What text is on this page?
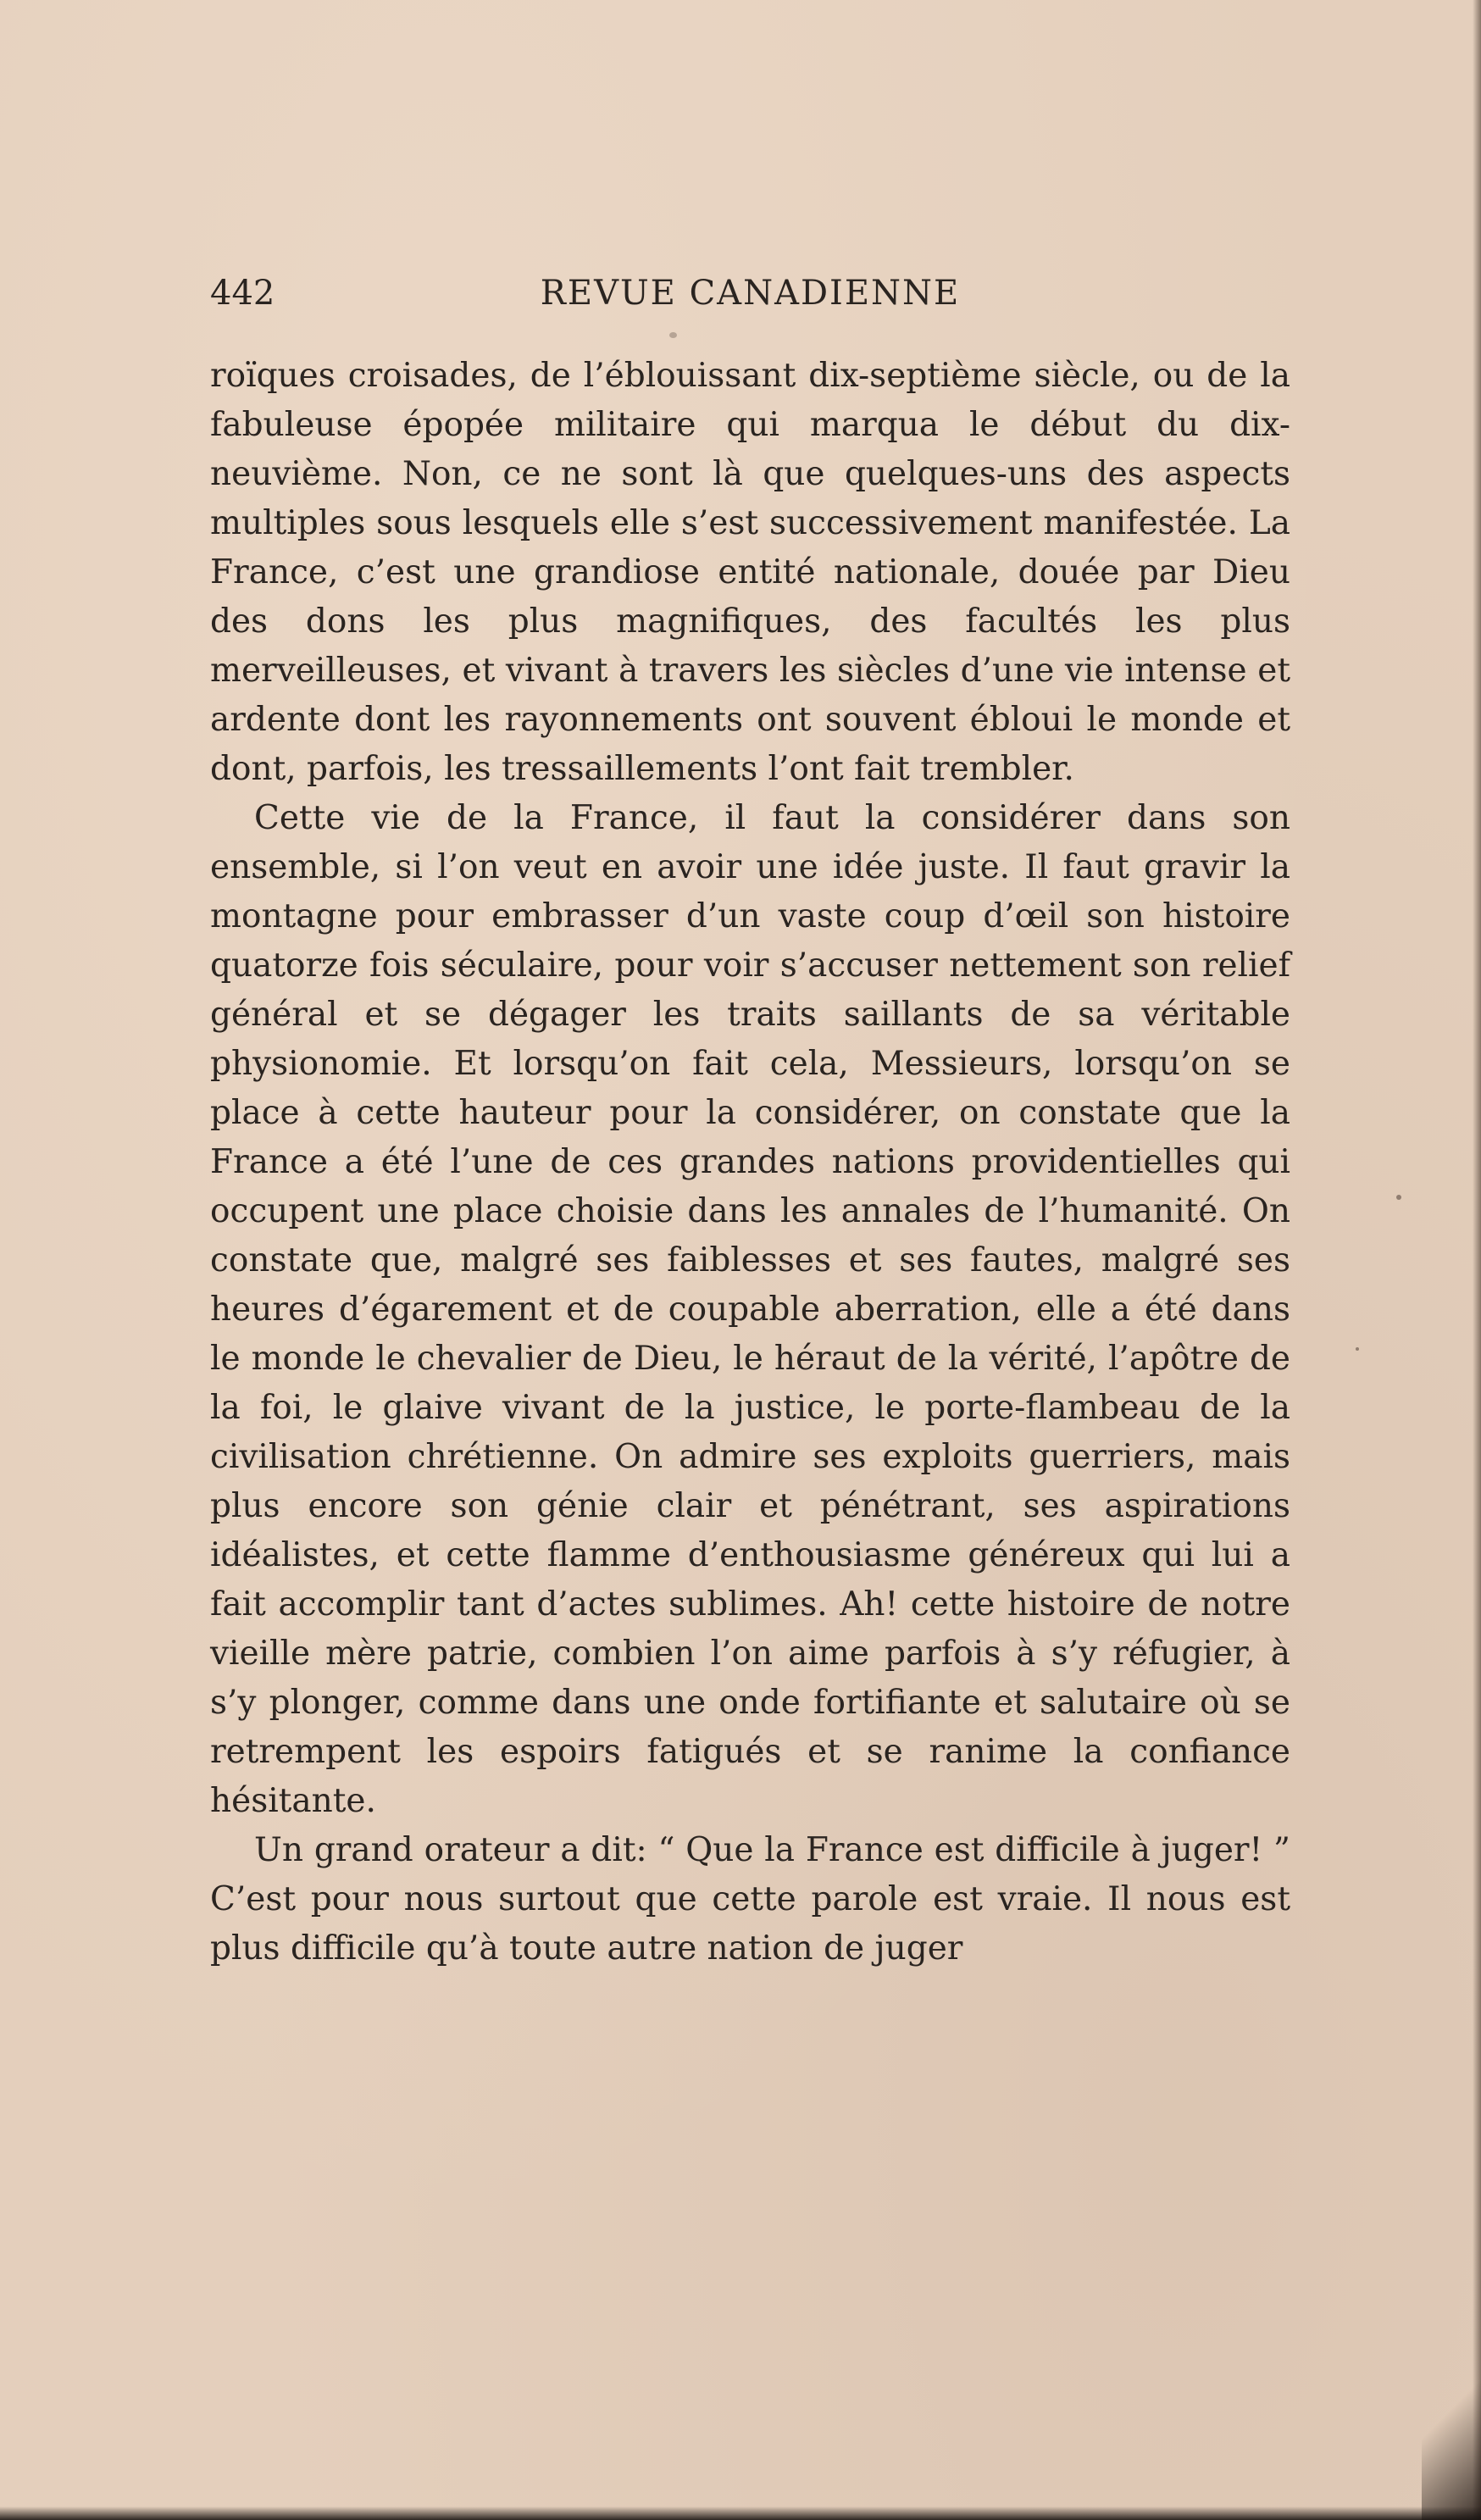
442	REVUE CANADIENNE

roïques croisades, de l’éblouissant dix-septième siècle, ou de la fabuleuse épopée militaire qui marqua le début du dix-neuvième. Non, ce ne sont là que quelques-uns des aspects multiples sous lesquels elle s’est successivement manifestée. La France, c’est une grandiose entité nationale, douée par Dieu des dons les plus magnifiques, des facultés les plus merveilleuses, et vivant à travers les siècles d’une vie intense et ardente dont les rayonnements ont souvent ébloui le monde et dont, parfois, les tressaillements l’ont fait trembler.

Cette vie de la France, il faut la considérer dans son ensemble, si l’on veut en avoir une idée juste. Il faut gravir la montagne pour embrasser d’un vaste coup d’œil son histoire quatorze fois séculaire, pour voir s’accuser nettement son relief général et se dégager les traits saillants de sa véritable physionomie. Et lorsqu’on fait cela, Messieurs, lorsqu’on se place à cette hauteur pour la considérer, on constate que la France a été l’une de ces grandes nations providentielles qui occupent une place choisie dans les annales de l’humanité. On constate que, malgré ses faiblesses et ses fautes, malgré ses heures d’égarement et de coupable aberration, elle a été dans le monde le chevalier de Dieu, le héraut de la vérité, l’apôtre de la foi, le glaive vivant de la justice, le porte-flambeau de la civilisation chrétienne. On admire ses exploits guerriers, mais plus encore son génie clair et pénétrant, ses aspirations idéalistes, et cette flamme d’enthousiasme généreux qui lui a fait accomplir tant d’actes sublimes. Ah! cette histoire de notre vieille mère patrie, combien l’on aime parfois à s’y réfugier, à s’y plonger, comme dans une onde fortifiante et salutaire où se retrempent les espoirs fatigués et se ranime la confiance hésitante.

Un grand orateur a dit: “ Que la France est difficile à juger! ” C’est pour nous surtout que cette parole est vraie. Il nous est plus difficile qu’à toute autre nation de juger
